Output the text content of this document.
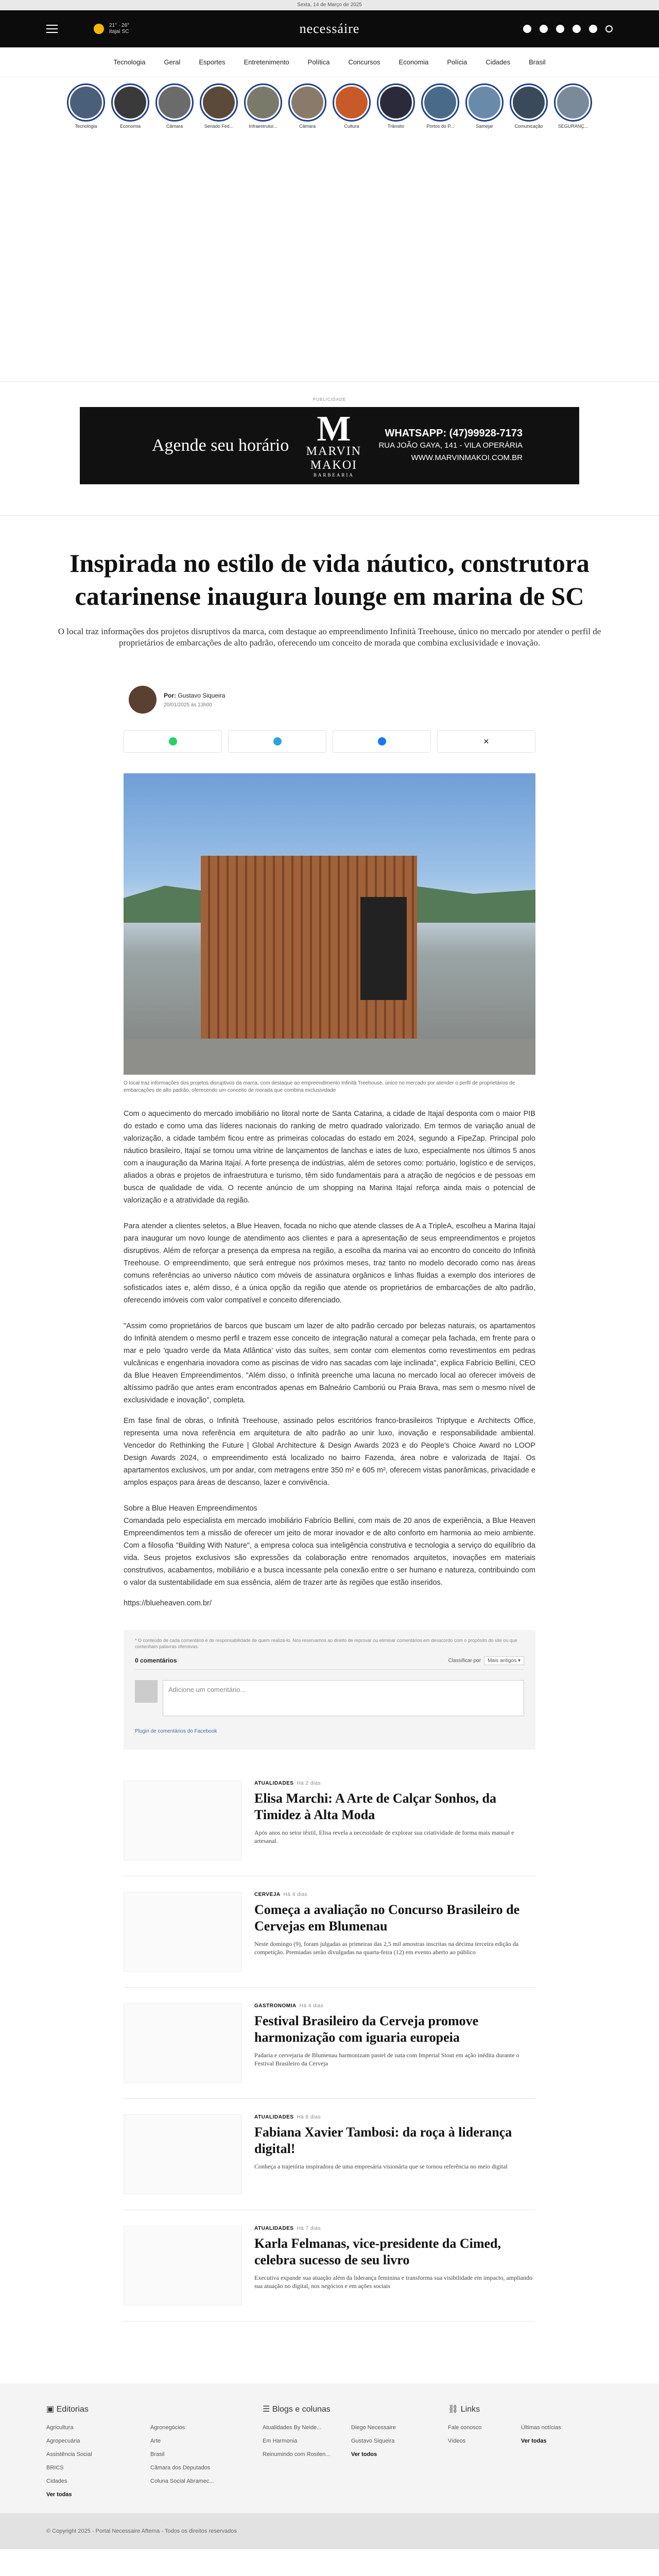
Sexta, 14 de Março de 2025
21° · 26°
Itajaí SC	necessáire
Tecnologia	Geral	Esportes	Entretenimento	Política	Concursos	Economia	Polícia	Cidades	Brasil
Tecnologia	Economia	Câmara	Senado Fed...	Infraestrutur...	Câmara	Cultura	Trânsito	Portos do P...	Samejar	Comunicação	SEGURANÇ...
PUBLICIDADE
Agende seu horário M
MARVIN
MAKOI
BARBEARIA
WHATSAPP: (47)99928-7173
RUA JOÃO GAYA, 141 - VILA OPERÁRIA
WWW.MARVINMAKOI.COM.BR
Inspirada no estilo de vida náutico, construtora catarinense inaugura lounge em marina de SC

O local traz informações dos projetos disruptivos da marca, com destaque ao empreendimento Infinità Treehouse, único no mercado por atender o perfil de proprietários de embarcações de alto padrão, oferecendo um conceito de morada que combina exclusividade e inovação.

Por: Gustavo Siqueira
20/01/2025 às 13h00
✕
O local traz informações dos projetos disruptivos da marca, com destaque ao empreendimento Infinità Treehouse, único no mercado por atender o perfil de proprietários de embarcações de alto padrão, oferecendo um conceito de morada que combina exclusividade

Com o aquecimento do mercado imobiliário no litoral norte de Santa Catarina, a cidade de Itajaí desponta com o maior PIB do estado e como uma das líderes nacionais do ranking de metro quadrado valorizado. Em termos de variação anual de valorização, a cidade também ficou entre as primeiras colocadas do estado em 2024, segundo a FipeZap. Principal polo náutico brasileiro, Itajaí se tornou uma vitrine de lançamentos de lanchas e iates de luxo, especialmente nos últimos 5 anos com a inauguração da Marina Itajaí. A forte presença de indústrias, além de setores como: portuário, logístico e de serviços, aliados a obras e projetos de infraestrutura e turismo, têm sido fundamentais para a atração de negócios e de pessoas em busca de qualidade de vida. O recente anúncio de um shopping na Marina Itajaí reforça ainda mais o potencial de valorização e a atratividade da região.

Para atender a clientes seletos, a Blue Heaven, focada no nicho que atende classes de A a TripleA, escolheu a Marina Itajaí para inaugurar um novo lounge de atendimento aos clientes e para a apresentação de seus empreendimentos e projetos disruptivos. Além de reforçar a presença da empresa na região, a escolha da marina vai ao encontro do conceito do Infinità Treehouse. O empreendimento, que será entregue nos próximos meses, traz tanto no modelo decorado como nas áreas comuns referências ao universo náutico com móveis de assinatura orgânicos e linhas fluidas a exemplo dos interiores de sofisticados iates e, além disso, é a única opção da região que atende os proprietários de embarcações de alto padrão, oferecendo imóveis com valor compatível e conceito diferenciado.

"Assim como proprietários de barcos que buscam um lazer de alto padrão cercado por belezas naturais, os apartamentos do Infinità atendem o mesmo perfil e trazem esse conceito de integração natural a começar pela fachada, em frente para o mar e pelo 'quadro verde da Mata Atlântica' visto das suítes, sem contar com elementos como revestimentos em pedras vulcânicas e engenharia inovadora como as piscinas de vidro nas sacadas com laje inclinada", explica Fabrício Bellini, CEO da Blue Heaven Empreendimentos. "Além disso, o Infinità preenche uma lacuna no mercado local ao oferecer imóveis de altíssimo padrão que antes eram encontrados apenas em Balneário Camboriú ou Praia Brava, mas sem o mesmo nível de exclusividade e inovação", completa.

Em fase final de obras, o Infinità Treehouse, assinado pelos escritórios franco-brasileiros Triptyque e Architects Office, representa uma nova referência em arquitetura de alto padrão ao unir luxo, inovação e responsabilidade ambiental. Vencedor do Rethinking the Future | Global Architecture & Design Awards 2023 e do People's Choice Award no LOOP Design Awards 2024, o empreendimento está localizado no bairro Fazenda, área nobre e valorizada de Itajaí. Os apartamentos exclusivos, um por andar, com metragens entre 350 m² e 605 m², oferecem vistas panorâmicas, privacidade e amplos espaços para áreas de descanso, lazer e convivência.

Sobre a Blue Heaven Empreendimentos

Comandada pelo especialista em mercado imobiliário Fabrício Bellini, com mais de 20 anos de experiência, a Blue Heaven Empreendimentos tem a missão de oferecer um jeito de morar inovador e de alto conforto em harmonia ao meio ambiente. Com a filosofia "Building With Nature", a empresa coloca sua inteligência construtiva e tecnologia a serviço do equilíbrio da vida. Seus projetos exclusivos são expressões da colaboração entre renomados arquitetos, inovações em materiais construtivos, acabamentos, mobiliário e a busca incessante pela conexão entre o ser humano e natureza, contribuindo com o valor da sustentabilidade em sua essência, além de trazer arte às regiões que estão inseridos.

https://blueheaven.com.br/

* O conteúdo de cada comentário é de responsabilidade de quem realizá-lo. Nos reservamos ao direito de reprovar ou eliminar comentários em desacordo com o propósito do site ou que contenham palavras ofensivas.
0 comentários	Classificar por Mais antigos ▾
Adicione um comentário...
Plugin de comentários do Facebook
ATUALIDADES Há 2 dias
Elisa Marchi: A Arte de Calçar Sonhos, da Timidez à Alta Moda
Após anos no setor têxtil, Elisa revela a necessidade de explorar sua criatividade de forma mais manual e artesanal.
CERVEJA Há 4 dias
Começa a avaliação no Concurso Brasileiro de Cervejas em Blumenau
Neste domingo (9), foram julgadas as primeiras das 2,5 mil amostras inscritas na décima terceira edição da competição. Premiadas serão divulgadas na quarta-feira (12) em evento aberto ao público
GASTRONOMIA Há 4 dias
Festival Brasileiro da Cerveja promove harmonização com iguaria europeia
Padaria e cervejaria de Blumenau harmonizam pastel de nata com Imperial Stout em ação inédita durante o Festival Brasileiro da Cerveja
ATUALIDADES Há 6 dias
Fabiana Xavier Tambosi: da roça à liderança digital!
Conheça a trajetória inspiradora de uma empresária visionária que se tornou referência no meio digital
ATUALIDADES Há 7 dias
Karla Felmanas, vice-presidente da Cimed, celebra sucesso de seu livro
Executiva expande sua atuação além da liderança feminina e transforma sua visibilidade em impacto, ampliando sua atuação no digital, nos negócios e em ações sociais
▣ Editorias
Agricultura	Agronegócios
Agropecuária	Arte
Assistência Social	Brasil
BRICS	Câmara dos Deputados
Cidades	Coluna Social Abramec...
Ver todas
☰ Blogs e colunas
Atualidades By Neide...	Diego Necessaire
Em Harmonia	Gustavo Siqueira
Reinumindo com Rosilen...	Ver todos
⛓ Links
Fale conosco	Últimas notícias
Vídeos	Ver todas
© Copyright 2025 - Portal Necessaire Afterna - Todos os direitos reservados
